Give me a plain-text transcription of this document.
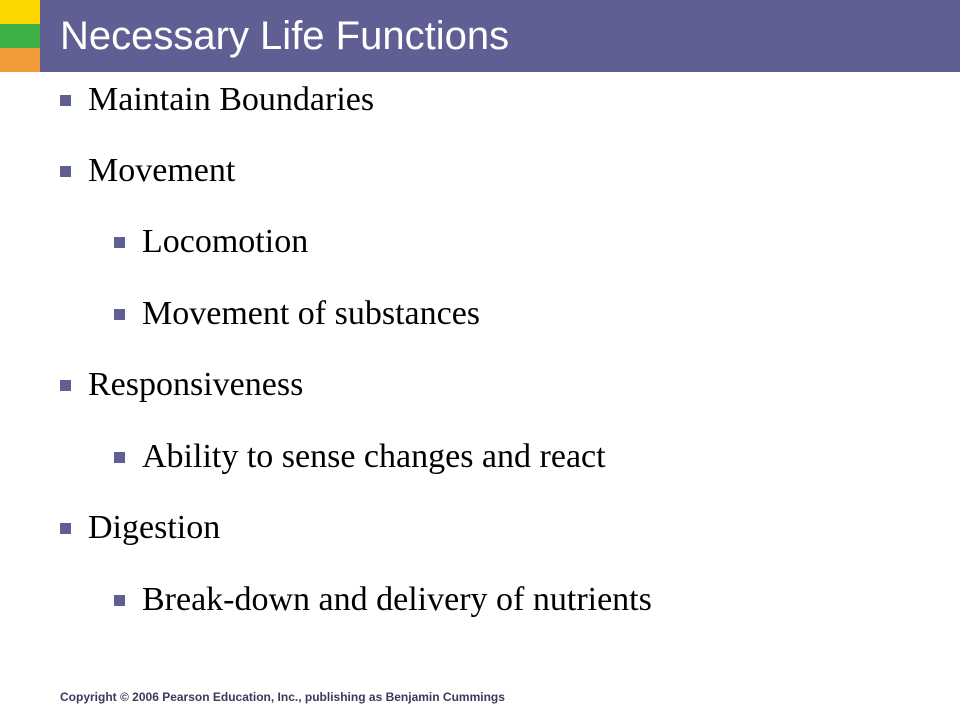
Necessary Life Functions
Maintain Boundaries
Movement
Locomotion
Movement of substances
Responsiveness
Ability to sense changes and react
Digestion
Break-down and delivery of nutrients

Copyright © 2006 Pearson Education, Inc., publishing as Benjamin Cummings
